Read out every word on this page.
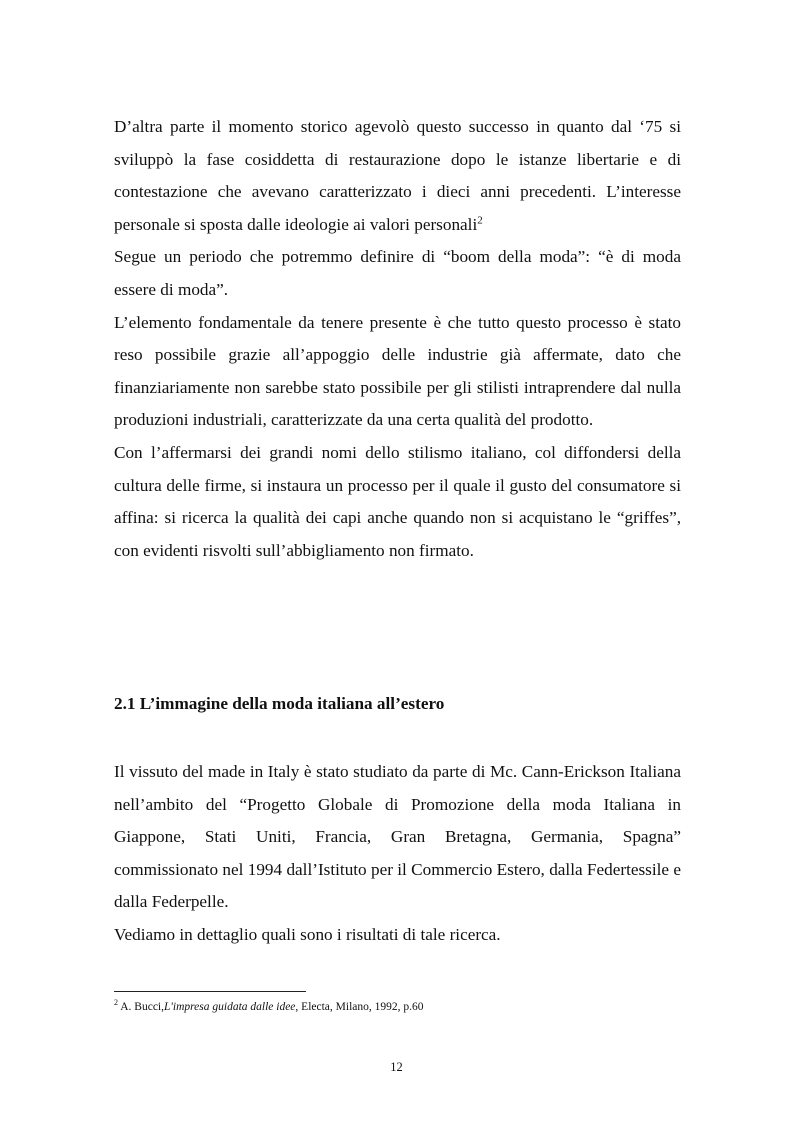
D’altra parte il momento storico agevolò questo successo in quanto dal ‘75 si sviluppò la fase cosiddetta di restaurazione dopo le istanze libertarie e di contestazione che avevano caratterizzato i dieci anni precedenti. L’interesse personale si sposta dalle ideologie ai valori personali$^2$

Segue un periodo che potremmo definire di “boom della moda”: “è di moda essere di moda”.

L’elemento fondamentale da tenere presente è che tutto questo processo è stato reso possibile grazie all’appoggio delle industrie già affermate, dato che finanziariamente non sarebbe stato possibile per gli stilisti intraprendere dal nulla produzioni industriali, caratterizzate da una certa qualità del prodotto.

Con l’affermarsi dei grandi nomi dello stilismo italiano, col diffondersi della cultura delle firme, si instaura un processo per il quale il gusto del consumatore si affina: si ricerca la qualità dei capi anche quando non si acquistano le “griffes”, con evidenti risvolti sull’abbigliamento non firmato.

2.1 L’immagine della moda italiana all’estero

Il vissuto del made in Italy è stato studiato da parte di Mc. Cann-Erickson Italiana nell’ambito del “Progetto Globale di Promozione della moda Italiana in Giappone, Stati Uniti, Francia, Gran Bretagna, Germania, Spagna” commissionato nel 1994 dall’Istituto per il Commercio Estero, dalla Federtessile e dalla Federpelle.

Vediamo in dettaglio quali sono i risultati di tale ricerca.

$^2$ A. Bucci,L'impresa guidata dalle idee, Electa, Milano, 1992, p.60

12
